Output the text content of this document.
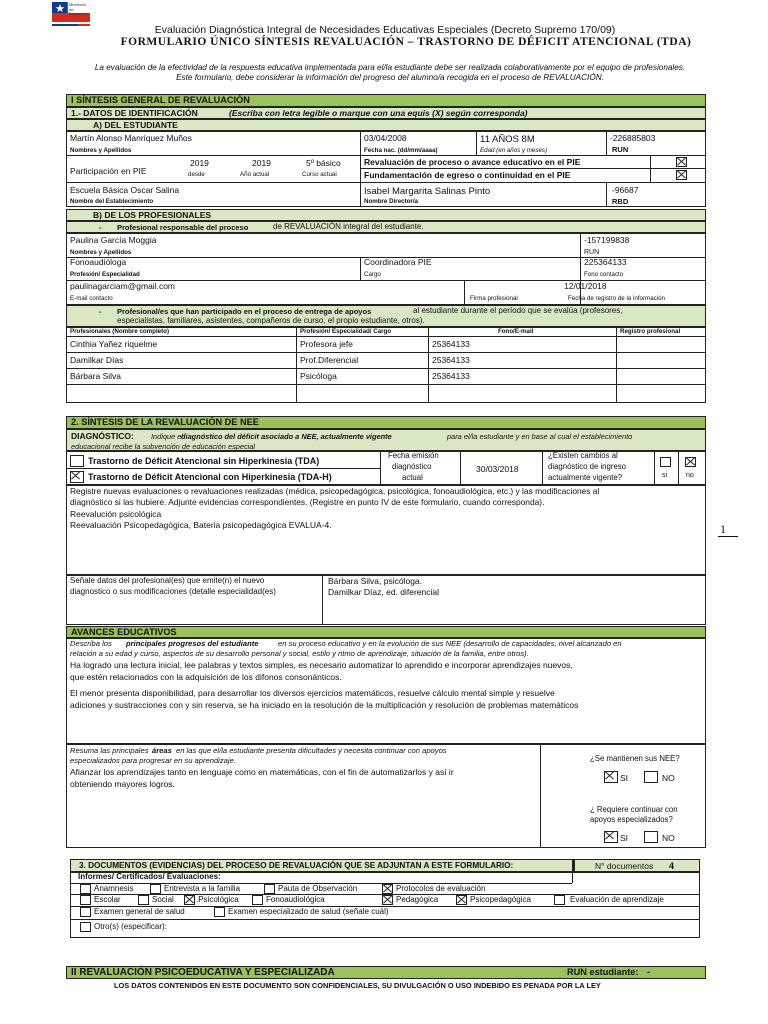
Ministerio de Educación
Evaluación Diagnóstica Integral de Necesidades Educativas Especiales (Decreto Supremo 170/09)
FORMULARIO ÚNICO SÍNTESIS REVALUACIÓN – TRASTORNO DE DÉFICIT ATENCIONAL (TDA)
La evaluación de la efectividad de la respuesta educativa implementada para el/la estudiante debe ser realizada colaborativamente por el equipo de profesionales.
Este formulario, debe considerar la información del progreso del alumno/a recogida en el proceso de REVALUACIÓN.
1
I SÍNTESIS GENERAL DE REVALUACIÓN
1.- DATOS DE IDENTIFICACIÓN	(Escriba con letra legible o marque con una equis (X) según corresponda)
A) DEL ESTUDIANTE
Martín Alonso Manriquez Muños
Nombres y Apellidos
03/04/2008
Fecha nac. (dd/mm/aaaa)
11 AÑOS 8M
Edad (en años y meses)
-226885803
RUN
Participación en PIE
2019
desde
2019
Año actual
5º básico
Curso actual
Revaluación de proceso o avance educativo en el PIE
Fundamentación de egreso o continuidad en el PIE
Escuela Básica Oscar Salina
Nombre del Establecimiento
Isabel Margarita Salinas Pinto
Nombre Director/a
-96687
RBD
B) DE LOS PROFESIONALES
- Profesional responsable del proceso	de REVALUACIÓN integral del estudiante.
Paulina García Moggia
Nombres y Apellidos
-157199838
RUN
Fonoaudióloga
Profesión/ Especialidad
Coordinadora PIE
Cargo
225364133
Fono contacto
paulinagarciam@gmail.com
E-mail contacto	Firma profesional
12/01/2018
Fecha de registro de la información
- Profesional/es que han participado en el proceso de entrega de apoyos	al estudiante durante el período que se evalúa (profesores,
especialistas, familiares, asistentes, compañeros de curso, el propio estudiante, otros).
Profesionales (Nombre completo)	Profesión/ Especialidad/ Cargo	Fono/E-mail	Registro profesional
Cinthia Yañez riquelme	Profesora jefe	25364133
Damilkar Días	Prof.Diferencial	25364133
Bárbara Silva	Psicóloga	25364133
2. SÍNTESIS DE LA REVALUACIÓN DE NEE
DIAGNÓSTICO: Indique el
diagnóstico del déficit asociado a NEE, actualmente vigente	para el/la estudiante y en base al cual el establecimiento
educacional recibe la subvención de educación especial
Trastorno de Déficit Atencional sin Hiperkinesia (TDA)
Trastorno de Déficit Atencional con Hiperkinesia (TDA-H)
Fecha emisión
diagnóstico
actual
30/03/2018
¿Existen cambios al
diagnóstico de ingreso
actualmente vigente?	si	no
Registre nuevas evaluaciones o revaluaciones realizadas (médica, psicopedagógica, psicológica, fonoaudiológica, etc.) y las modificaciones al
diagnóstico si las hubiere. Adjunte evidencias correspondientes. (Registre en punto IV de este formulario, cuando corresponda).
Reevalución psicológica
Reevaluación Psicopedagógica, Bateria psicopedagógica EVALUA-4.
Señale datos del profesional(es) que emite(n) el nuevo
diagnostico o sus modificaciones (detalle especialidad(es)
Bárbara Silva, psicóloga.
Damilkar Díaz, ed. diferencial
AVANCES EDUCATIVOS
Describa los principales progresos del estudiante	en su proceso educativo y en la evolución de sus NEE (desarrollo de capacidades, nivel alcanzado en
relación a su edad y curso, aspectos de su desarrollo personal y social, estilo y ritmo de aprendizaje, situación de la familia, entre otros).
Ha logrado una lectura inicial, lee palabras y textos simples, es necesario automatizar lo aprendido e incorporar aprendizajes nuevos,
que estén relacionados con la adquisición de los difonos consonánticos.
El menor presenta disponibilidad, para desarrollar los diversos ejercicios matemáticos, resuelve cálculo mental simple y resuelve
adiciones y sustracciones con y sin reserva, se ha iniciado en la resolución de la multiplicación y resolución de problemas matemáticos
Resuma las principales áreas en las que el/la estudiante presenta dificultades y necesita continuar con apoyos
especializados para progresar en su aprendizaje.
Afianzar los aprendizajes tanto en lenguaje como en matemáticas, con el fin de automatizarlos y así ir
obteniendo mayores logros.
¿Se mantienen sus NEE?
SI	NO
¿ Requiere continuar con
apoyos especializados?
SI	NO
3. DOCUMENTOS (EVIDENCIAS) DEL PROCESO DE REVALUACIÓN QUE SE ADJUNTAN A ESTE FORMULARIO:	N° documentos 4
Informes/ Certificados/ Evaluaciones:
Anamnesis	Entrevista a la familia	Pauta de Observación	Protocolos de evaluación
Escolar	Social	.Psicológica	Fonoaudiológica	Pedagógica	Psicopedagógica	Evaluación de aprendizaje
Examen general de salud	Examen especializado de salud (señale cuál)
Otro(s) (especificar):
II REVALUACIÓN PSICOEDUCATIVA Y ESPECIALIZADA	RUN estudiante: -
LOS DATOS CONTENIDOS EN ESTE DOCUMENTO SON CONFIDENCIALES, SU DIVULGACIÓN O USO INDEBIDO ES PENADA POR LA LEY
